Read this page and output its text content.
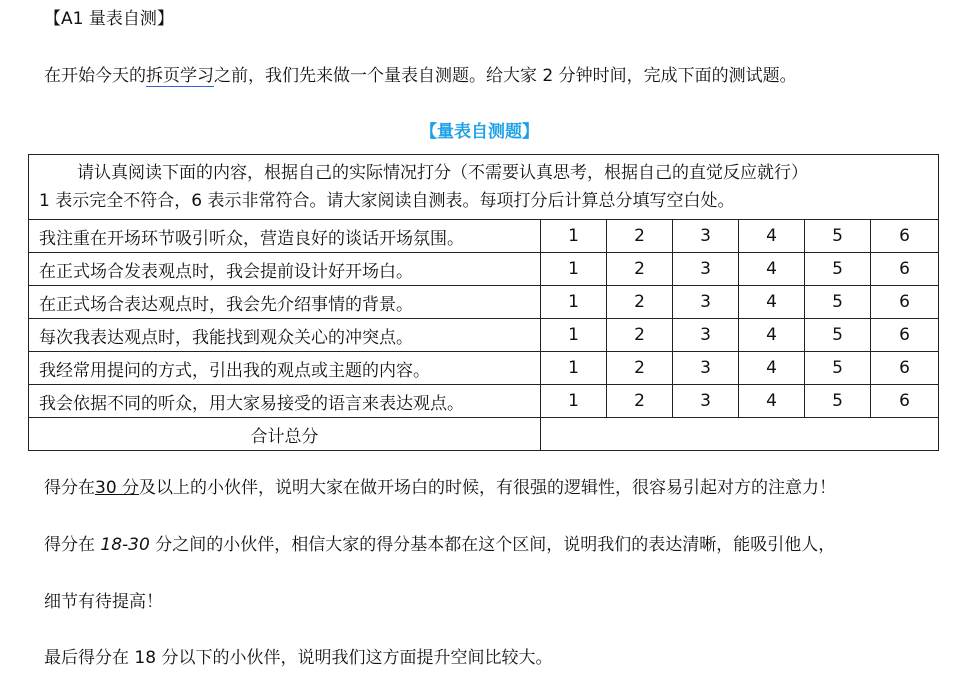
【A1 量表自测】
在开始今天的拆页学习之前，我们先来做一个量表自测题。给大家 2 分钟时间，完成下面的测试题。
【量表自测题】
请认真阅读下面的内容，根据自己的实际情况打分（不需要认真思考，根据自己的直觉反应就行）
1 表示完全不符合，6 表示非常符合。请大家阅读自测表。每项打分后计算总分填写空白处。						

我注重在开场环节吸引听众，营造良好的谈话开场氛围。	1	2	3	4	5	6
在正式场合发表观点时，我会提前设计好开场白。	1	2	3	4	5	6
在正式场合表达观点时，我会先介绍事情的背景。	1	2	3	4	5	6
每次我表达观点时，我能找到观众关心的冲突点。	1	2	3	4	5	6
我经常用提问的方式，引出我的观点或主题的内容。	1	2	3	4	5	6
我会依据不同的听众，用大家易接受的语言来表达观点。	1	2	3	4	5	6
合计总分						
得分在30 分及以上的小伙伴，说明大家在做开场白的时候，有很强的逻辑性，很容易引起对方的注意力！
得分在 18-30 分之间的小伙伴，相信大家的得分基本都在这个区间，说明我们的表达清晰，能吸引他人，
细节有待提高！
最后得分在 18 分以下的小伙伴，说明我们这方面提升空间比较大。
